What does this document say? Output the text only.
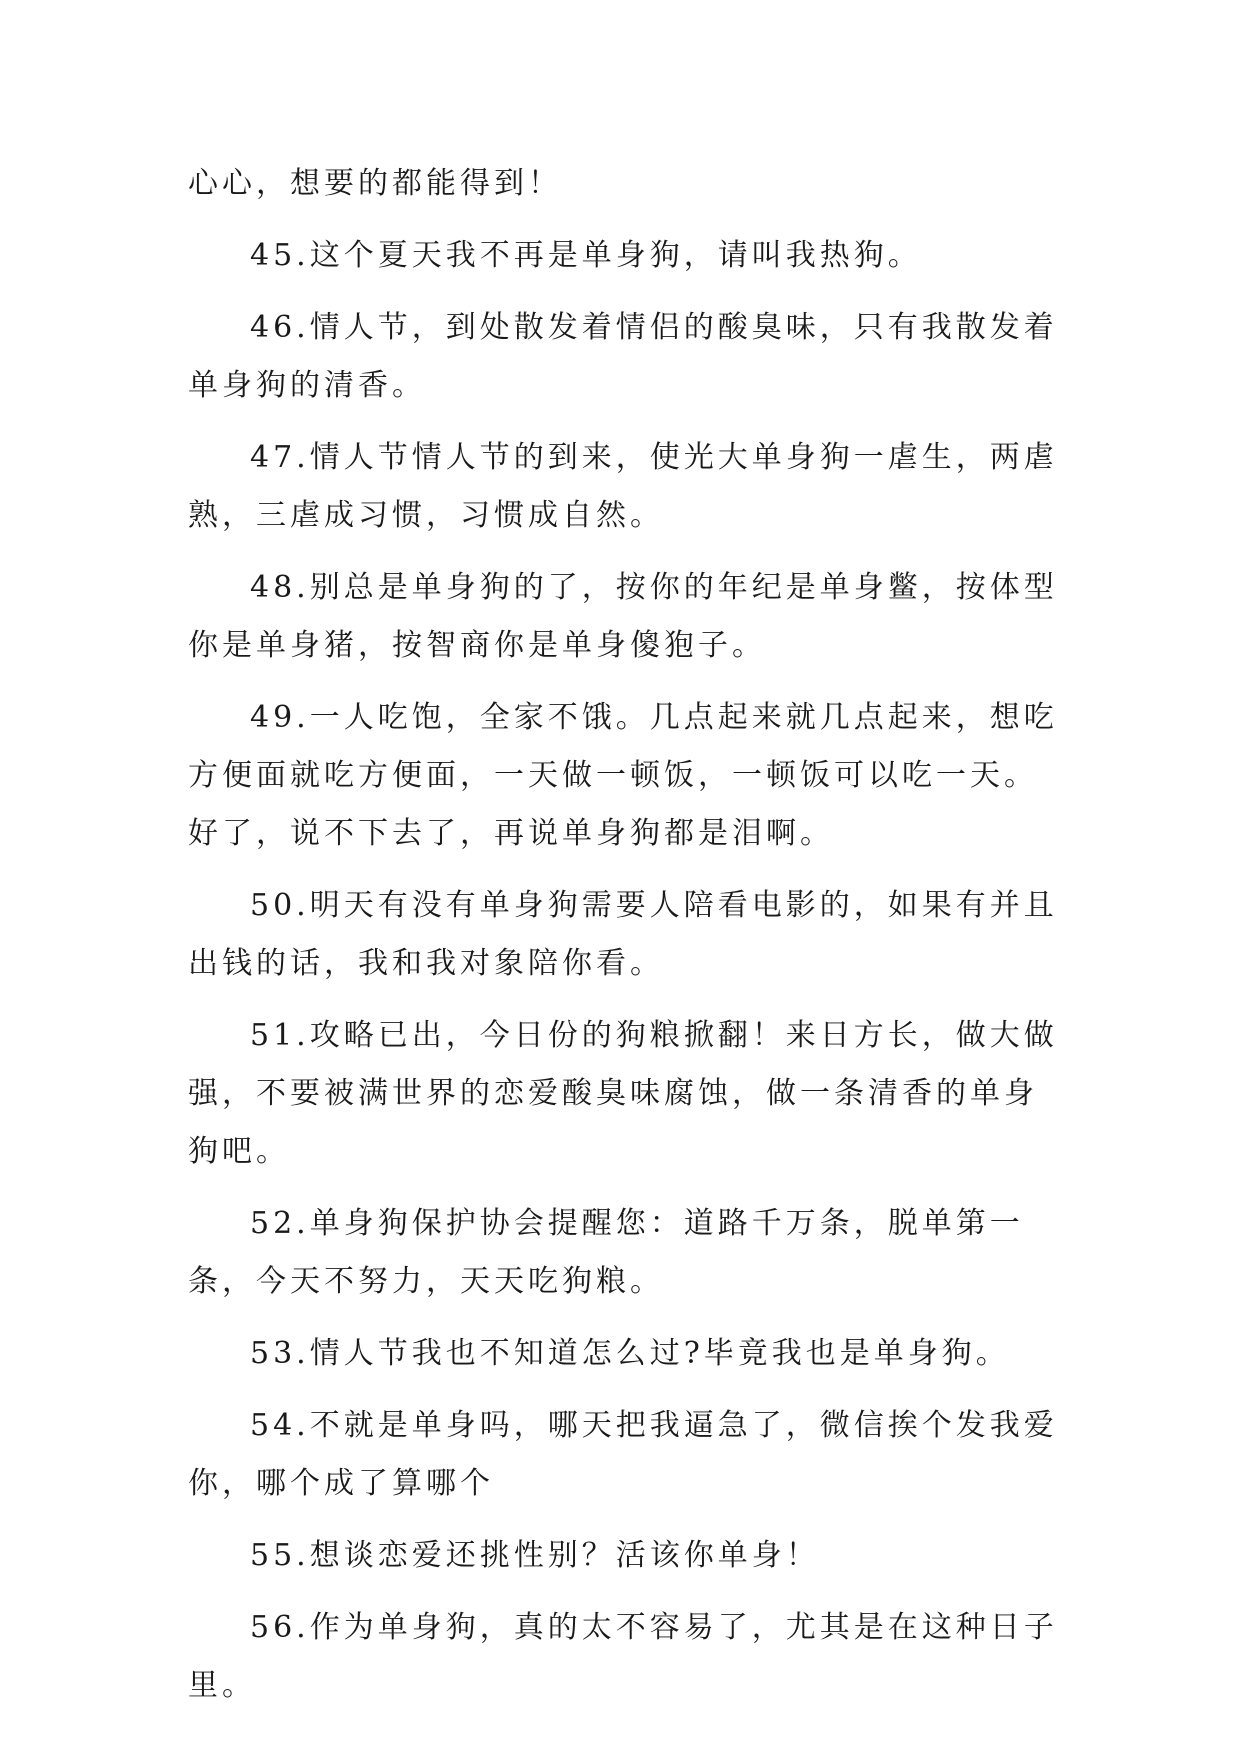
心心，想要的都能得到！

45.这个夏天我不再是单身狗，请叫我热狗。

46.情人节，到处散发着情侣的酸臭味，只有我散发着单身狗的清香。

47.情人节情人节的到来，使光大单身狗一虐生，两虐熟，三虐成习惯，习惯成自然。

48.别总是单身狗的了，按你的年纪是单身鳖，按体型你是单身猪，按智商你是单身傻狍子。

49.一人吃饱，全家不饿。几点起来就几点起来，想吃方便面就吃方便面，一天做一顿饭，一顿饭可以吃一天。好了，说不下去了，再说单身狗都是泪啊。

50.明天有没有单身狗需要人陪看电影的，如果有并且出钱的话，我和我对象陪你看。

51.攻略已出，今日份的狗粮掀翻！来日方长，做大做强，不要被满世界的恋爱酸臭味腐蚀，做一条清香的单身狗吧。

52.单身狗保护协会提醒您：道路千万条，脱单第一条，今天不努力，天天吃狗粮。

53.情人节我也不知道怎么过?毕竟我也是单身狗。

54.不就是单身吗，哪天把我逼急了，微信挨个发我爱你，哪个成了算哪个

55.想谈恋爱还挑性别？活该你单身！

56.作为单身狗，真的太不容易了，尤其是在这种日子里。
